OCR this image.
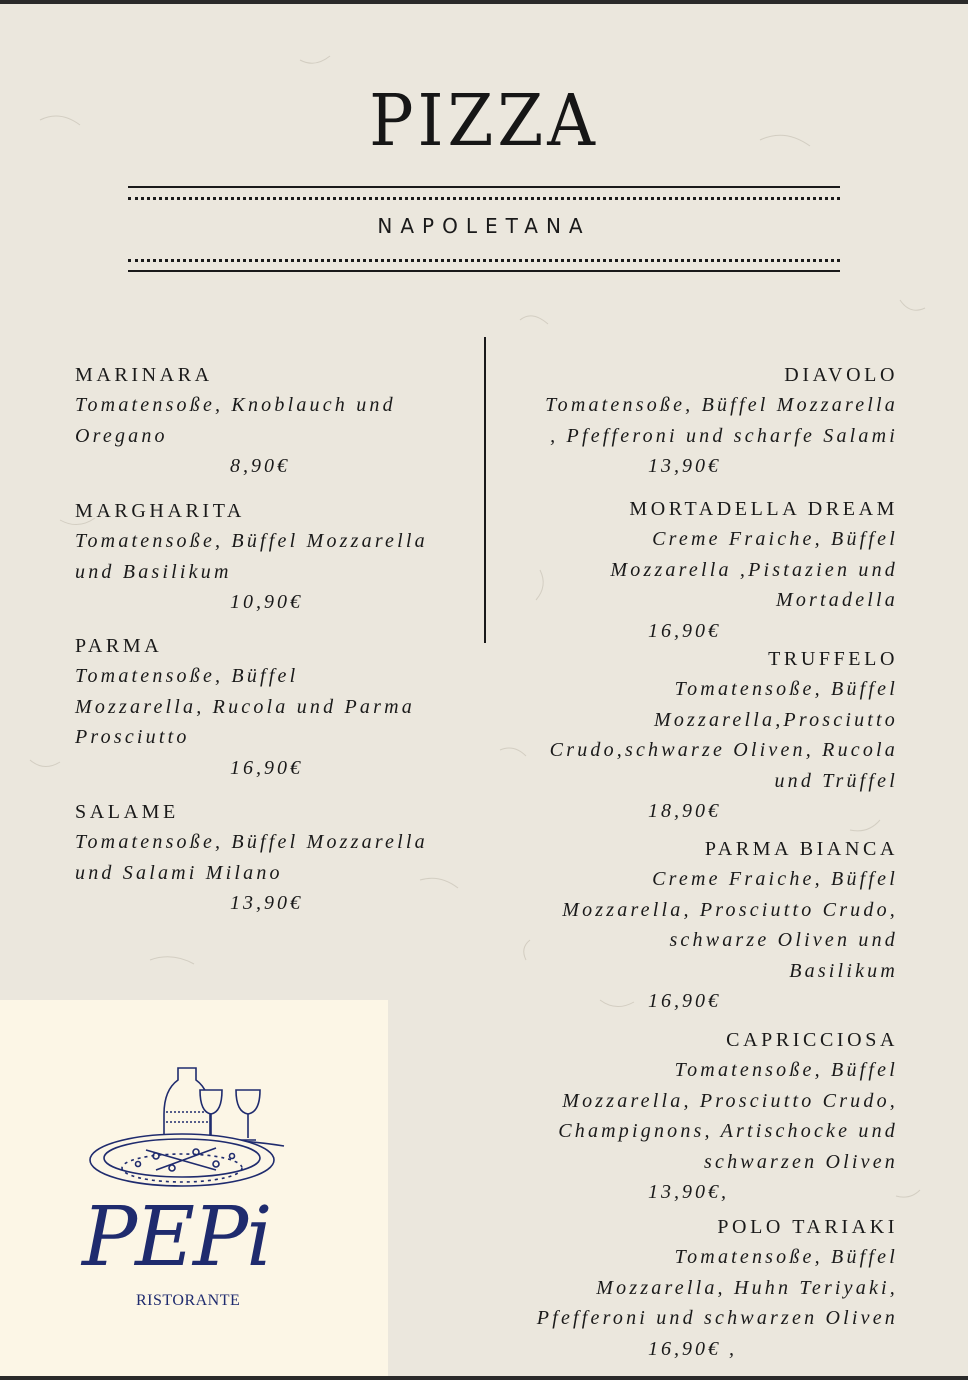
PIZZA
NAPOLETANA
MARINARA
Tomatensoße, Knoblauch und
Oregano
8,90€
MARGHARITA
Tomatensoße, Büffel Mozzarella
und Basilikum
10,90€
PARMA
Tomatensoße, Büffel
Mozzarella, Rucola und Parma
Prosciutto
16,90€
SALAME
Tomatensoße, Büffel Mozzarella
und Salami Milano
13,90€
DIAVOLO
Tomatensoße, Büffel Mozzarella
, Pfefferoni und scharfe Salami
13,90€
MORTADELLA DREAM
Creme Fraiche, Büffel
Mozzarella ,Pistazien und
Mortadella
16,90€
TRUFFELO
Tomatensoße, Büffel
Mozzarella,Prosciutto
Crudo,schwarze Oliven, Rucola
und Trüffel
18,90€
PARMA BIANCA
Creme Fraiche, Büffel
Mozzarella, Prosciutto Crudo,
schwarze Oliven und
Basilikum
16,90€
CAPRICCIOSA
Tomatensoße, Büffel
Mozzarella, Prosciutto Crudo,
Champignons, Artischocke und
schwarzen Oliven
13,90€,
POLO TARIAKI
Tomatensoße, Büffel
Mozzarella, Huhn Teriyaki,
Pfefferoni und schwarzen Oliven
16,90€ ,
PEPi
RISTORANTE
